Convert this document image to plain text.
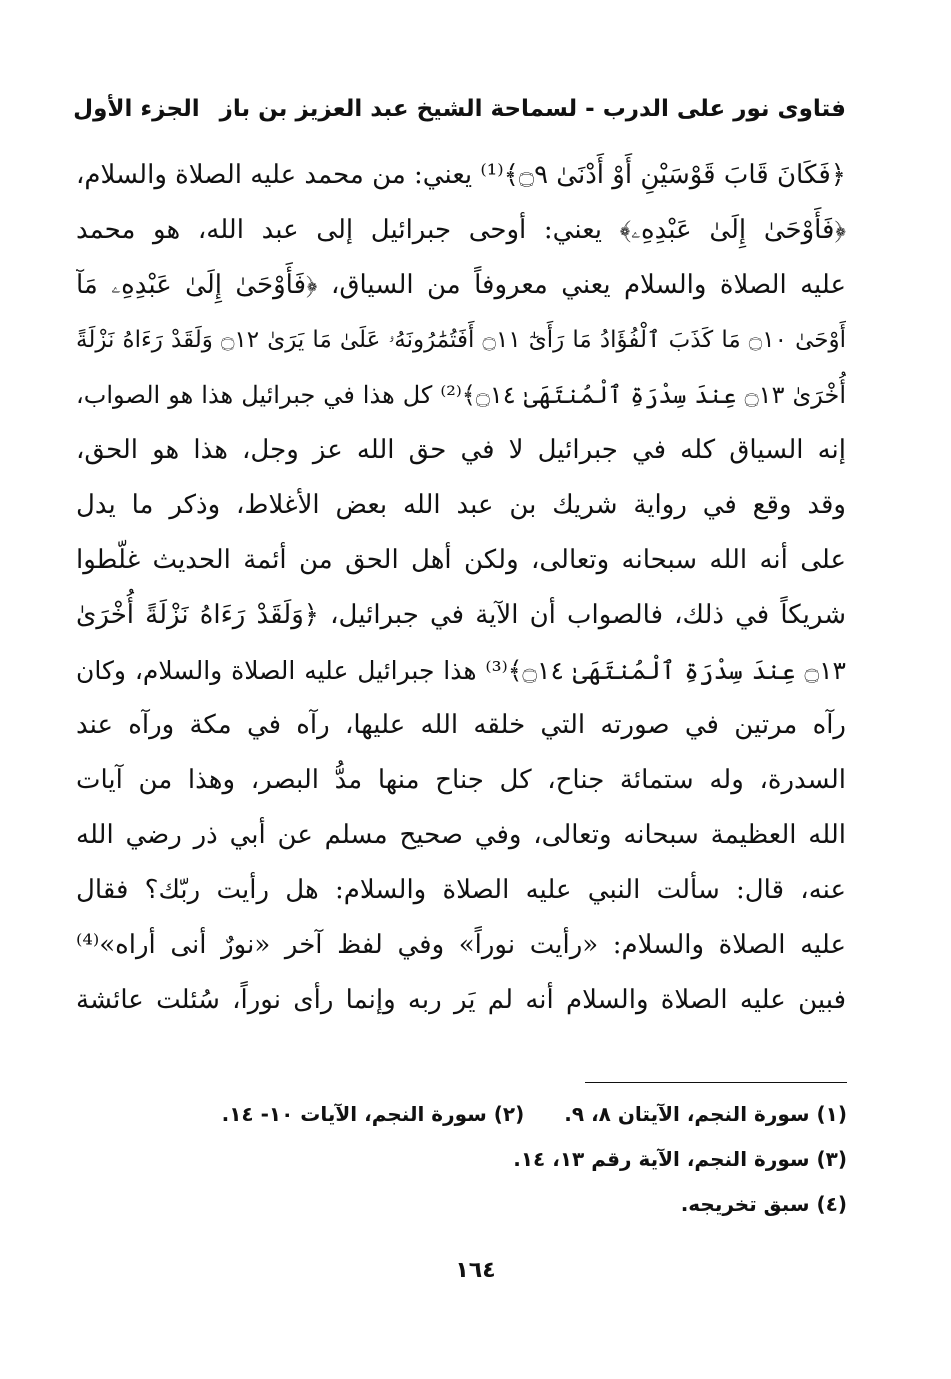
فتاوى نور على الدرب - لسماحة الشيخ عبد العزيز بن باز
الجزء الأول
﴿فَكَانَ قَابَ قَوْسَيْنِ أَوْ أَدْنَىٰ ۝٩﴾⁽¹⁾ يعني: من محمد عليه الصلاة والسلام،
﴿فَأَوْحَىٰ إِلَىٰ عَبْدِهِۦ﴾ يعني: أوحى جبرائيل إلى عبد الله، هو محمد
عليه الصلاة والسلام يعني معروفاً من السياق، ﴿فَأَوْحَىٰ إِلَىٰ عَبْدِهِۦ مَآ
أَوْحَىٰ ۝١٠ مَا كَذَبَ ٱلْفُؤَادُ مَا رَأَىٰٓ ۝١١ أَفَتُمَٰرُونَهُۥ عَلَىٰ مَا يَرَىٰ ۝١٢ وَلَقَدْ رَءَاهُ نَزْلَةً
أُخْرَىٰ ۝١٣ عِندَ سِدْرَةِ ٱلْمُنتَهَىٰ ۝١٤﴾⁽²⁾ كل هذا في جبرائيل هذا هو الصواب،
إنه السياق كله في جبرائيل لا في حق الله عز وجل، هذا هو الحق،
وقد وقع في رواية شريك بن عبد الله بعض الأغلاط، وذكر ما يدل
على أنه الله سبحانه وتعالى، ولكن أهل الحق من أئمة الحديث غلّطوا
شريكاً في ذلك، فالصواب أن الآية في جبرائيل، ﴿وَلَقَدْ رَءَاهُ نَزْلَةً أُخْرَىٰ
۝١٣ عِندَ سِدْرَةِ ٱلْمُنتَهَىٰ ۝١٤﴾⁽³⁾ هذا جبرائيل عليه الصلاة والسلام، وكان
رآه مرتين في صورته التي خلقه الله عليها، رآه في مكة ورآه عند
السدرة، وله ستمائة جناح، كل جناح منها مدُّ البصر، وهذا من آيات
الله العظيمة سبحانه وتعالى، وفي صحيح مسلم عن أبي ذر رضي الله
عنه، قال: سألت النبي عليه الصلاة والسلام: هل رأيت ربّك؟ فقال
عليه الصلاة والسلام: «رأيت نوراً» وفي لفظ آخر «نورٌ أنى أراه»⁽⁴⁾
فبين عليه الصلاة والسلام أنه لم يَر ربه وإنما رأى نوراً، سُئلت عائشة
(١) سورة النجم، الآيتان ٨، ٩.(٢) سورة النجم، الآيات ١٠- ١٤.
(٣) سورة النجم، الآية رقم ١٣، ١٤.
(٤) سبق تخريجه.
١٦٤
